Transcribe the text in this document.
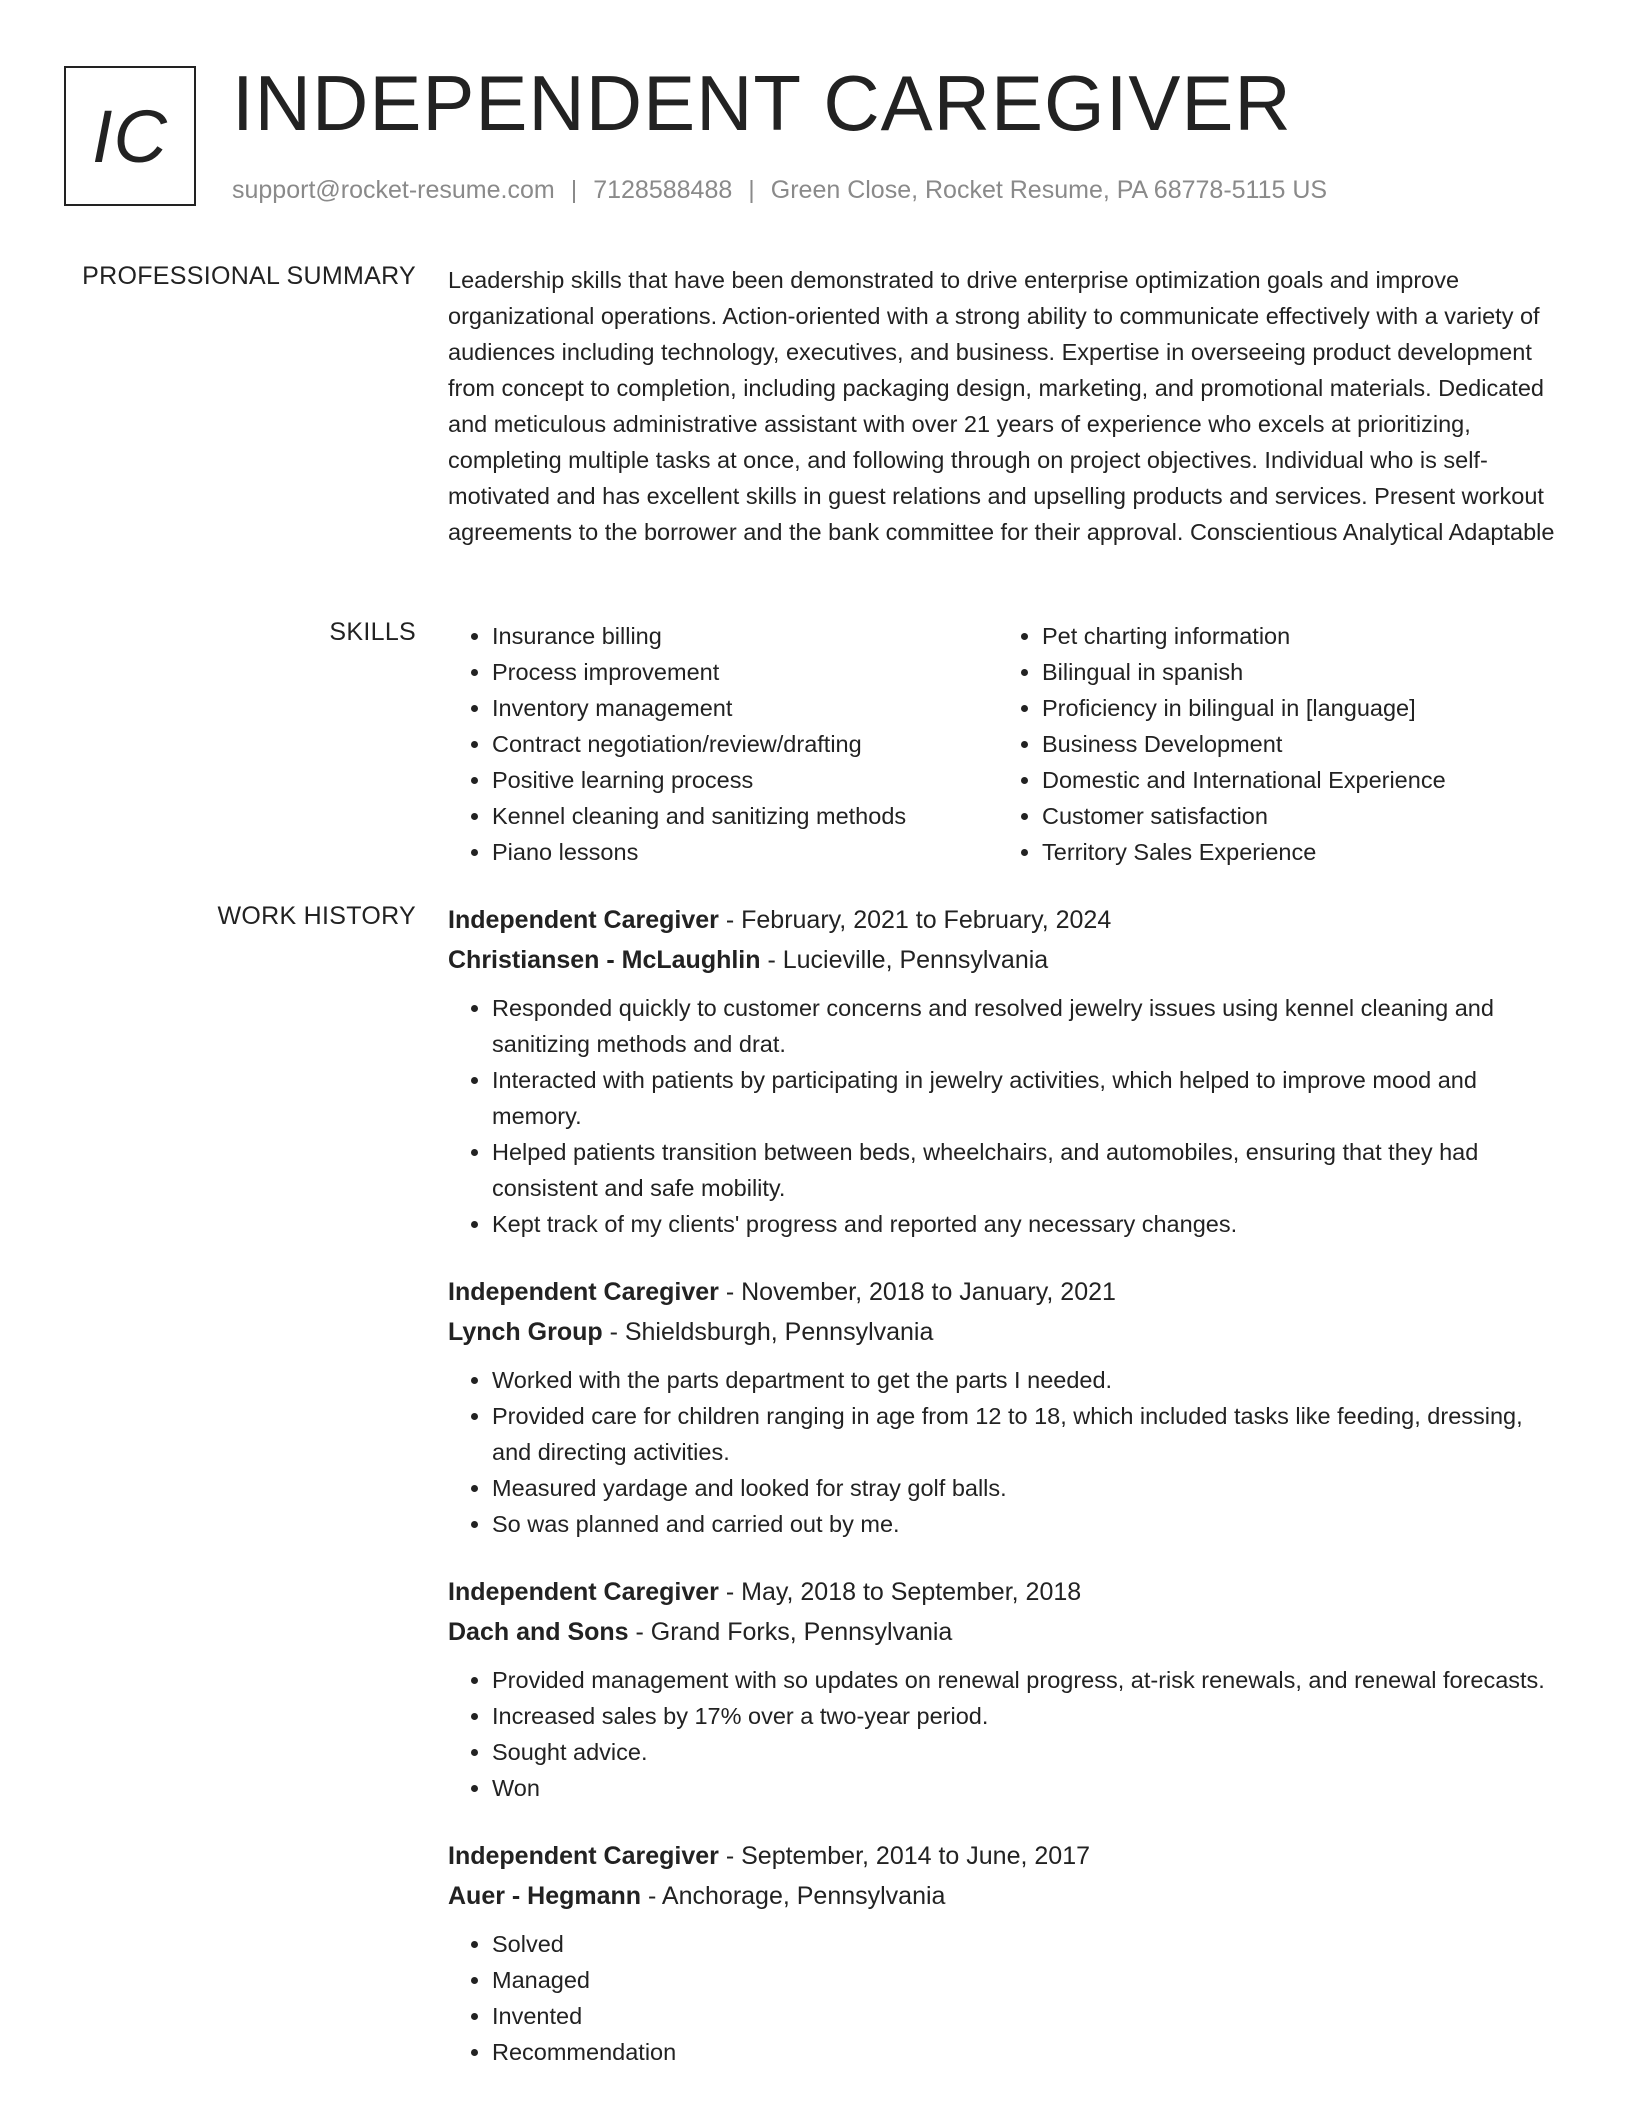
IC INDEPENDENT CAREGIVER
support@rocket-resume.com | 7128588488 | Green Close, Rocket Resume, PA 68778-5115 US
PROFESSIONAL SUMMARY Leadership skills that have been demonstrated to drive enterprise optimization goals and improve organizational operations. Action-oriented with a strong ability to communicate effectively with a variety of audiences including technology, executives, and business. Expertise in overseeing product development from concept to completion, including packaging design, marketing, and promotional materials. Dedicated and meticulous administrative assistant with over 21 years of experience who excels at prioritizing, completing multiple tasks at once, and following through on project objectives. Individual who is self-motivated and has excellent skills in guest relations and upselling products and services. Present workout agreements to the borrower and the bank committee for their approval. Conscientious Analytical Adaptable

SKILLS
•	Insurance billing
• Process improvement
• Inventory management
• Contract negotiation/review/drafting
• Positive learning process
• Kennel cleaning and sanitizing methods
• Piano lessons
• Pet charting information
• Bilingual in spanish
• Proficiency in bilingual in [language]
• Business Development
• Domestic and International Experience
• Customer satisfaction
• Territory Sales Experience
WORK HISTORY Independent Caregiver - February, 2021 to February, 2024
Christiansen - McLaughlin - Lucieville, Pennsylvania
• Responded quickly to customer concerns and resolved jewelry issues using kennel cleaning and sanitizing methods and drat.
• Interacted with patients by participating in jewelry activities, which helped to improve mood and memory.
• Helped patients transition between beds, wheelchairs, and automobiles, ensuring that they had consistent and safe mobility.
• Kept track of my clients' progress and reported any necessary changes.
Independent Caregiver - November, 2018 to January, 2021
Lynch Group - Shieldsburgh, Pennsylvania
• Worked with the parts department to get the parts I needed.
• Provided care for children ranging in age from 12 to 18, which included tasks like feeding, dressing, and directing activities.
• Measured yardage and looked for stray golf balls.
• So was planned and carried out by me.
Independent Caregiver - May, 2018 to September, 2018
Dach and Sons - Grand Forks, Pennsylvania
• Provided management with so updates on renewal progress, at-risk renewals, and renewal forecasts.
• Increased sales by 17% over a two-year period.
• Sought advice.
• Won
Independent Caregiver - September, 2014 to June, 2017
Auer - Hegmann - Anchorage, Pennsylvania
• Solved
• Managed
• Invented
• Recommendation
